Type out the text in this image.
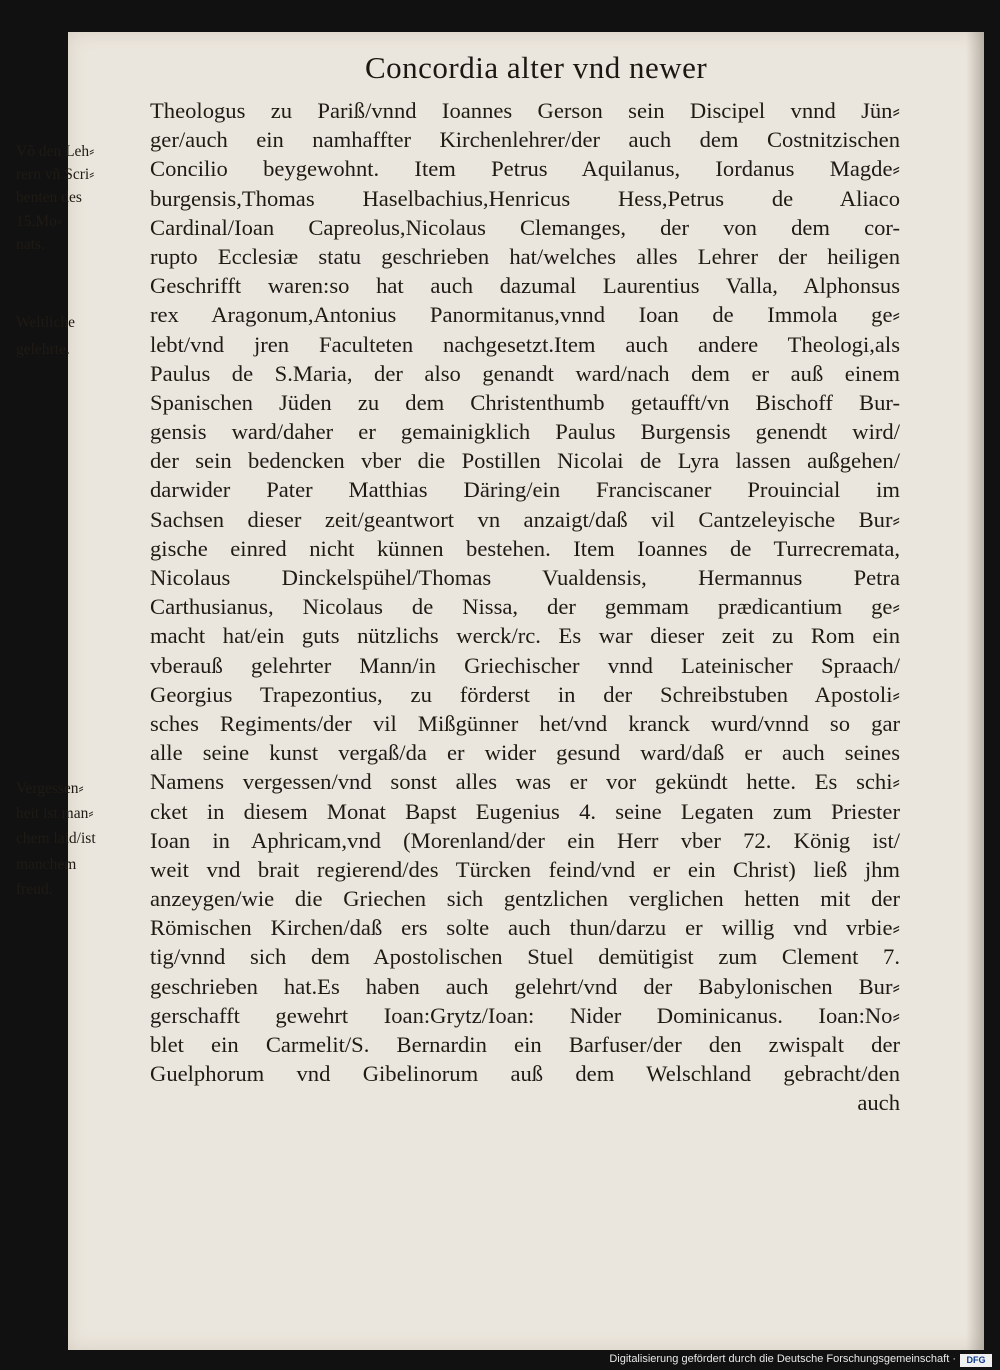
Concordia alter vnd newer
Theologus zu Pariß/vnnd Ioannes Gerson sein Discipel vnnd Jün⸗
ger/auch ein namhaffter Kirchenlehrer/der auch dem Costnitzischen
Concilio beygewohnt. Item Petrus Aquilanus, Iordanus Magde⸗
burgensis,Thomas Haselbachius,Henricus Hess,Petrus de Aliaco
Cardinal/Ioan Capreolus,Nicolaus Clemanges, der von dem cor-
rupto Ecclesiæ statu geschrieben hat/welches alles Lehrer der heiligen
Geschrifft waren:so hat auch dazumal Laurentius Valla, Alphonsus
rex Aragonum,Antonius Panormitanus,vnnd Ioan de Immola ge⸗
lebt/vnd jren Faculteten nachgesetzt.Item auch andere Theologi,als
Paulus de S.Maria, der also genandt ward/nach dem er auß einem
Spanischen Jüden zu dem Christenthumb getaufft/vn Bischoff Bur-
gensis ward/daher er gemainigklich Paulus Burgensis genendt wird/
der sein bedencken vber die Postillen Nicolai de Lyra lassen außgehen/
darwider Pater Matthias Däring/ein Franciscaner Prouincial im
Sachsen dieser zeit/geantwort vn anzaigt/daß vil Cantzeleyische Bur⸗
gische einred nicht künnen bestehen. Item Ioannes de Turrecremata,
Nicolaus Dinckelspühel/Thomas Vualdensis, Hermannus Petra
Carthusianus, Nicolaus de Nissa, der gemmam prædicantium ge⸗
macht hat/ein guts nützlichs werck/rc. Es war dieser zeit zu Rom ein
vberauß gelehrter Mann/in Griechischer vnnd Lateinischer Spraach/
Georgius Trapezontius, zu förderst in der Schreibstuben Apostoli⸗
sches Regiments/der vil Mißgünner het/vnd kranck wurd/vnnd so gar
alle seine kunst vergaß/da er wider gesund ward/daß er auch seines
Namens vergessen/vnd sonst alles was er vor gekündt hette. Es schi⸗
cket in diesem Monat Bapst Eugenius 4. seine Legaten zum Priester
Ioan in Aphricam,vnd (Morenland/der ein Herr vber 72. König ist/
weit vnd brait regierend/des Türcken feind/vnd er ein Christ) ließ jhm
anzeygen/wie die Griechen sich gentzlichen verglichen hetten mit der
Römischen Kirchen/daß ers solte auch thun/darzu er willig vnd vrbie⸗
tig/vnnd sich dem Apostolischen Stuel demütigist zum Clement 7.
geschrieben hat.Es haben auch gelehrt/vnd der Babylonischen Bur⸗
gerschafft gewehrt Ioan:Grytz/Ioan: Nider Dominicanus. Ioan:No⸗
blet ein Carmelit/S. Bernardin ein Barfuser/der den zwispalt der
Guelphorum vnd Gibelinorum auß dem Welschland gebracht/den
auch
Võ den Leh⸗
rern vñ Scri⸗
benten des
15.Mo⸗
nats.
Weltliche
gelehrte.
Vergessen⸗
heit ist man⸗
chem laid/ist
manchem
freud.
Digitalisierung gefördert durch die Deutsche Forschungsgemeinschaft ·	DFG
